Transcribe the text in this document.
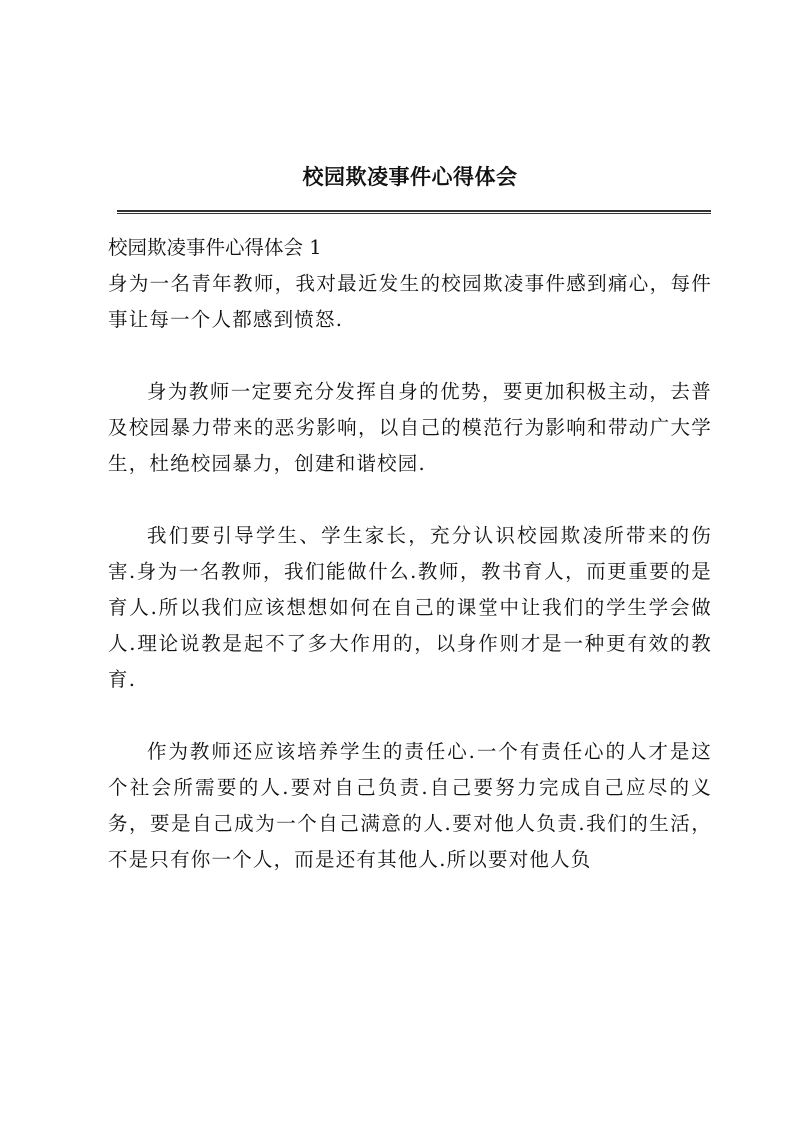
校园欺凌事件心得体会

校园欺凌事件心得体会 1

身为一名青年教师，我对最近发生的校园欺凌事件感到痛心，每件事让每一个人都感到愤怒.

身为教师一定要充分发挥自身的优势，要更加积极主动，去普及校园暴力带来的恶劣影响，以自己的模范行为影响和带动广大学生，杜绝校园暴力，创建和谐校园.

我们要引导学生、学生家长，充分认识校园欺凌所带来的伤害.身为一名教师，我们能做什么.教师，教书育人，而更重要的是育人.所以我们应该想想如何在自己的课堂中让我们的学生学会做人.理论说教是起不了多大作用的，以身作则才是一种更有效的教育.

作为教师还应该培养学生的责任心.一个有责任心的人才是这个社会所需要的人.要对自己负责.自己要努力完成自己应尽的义务，要是自己成为一个自己满意的人.要对他人负责.我们的生活，不是只有你一个人，而是还有其他人.所以要对他人负
